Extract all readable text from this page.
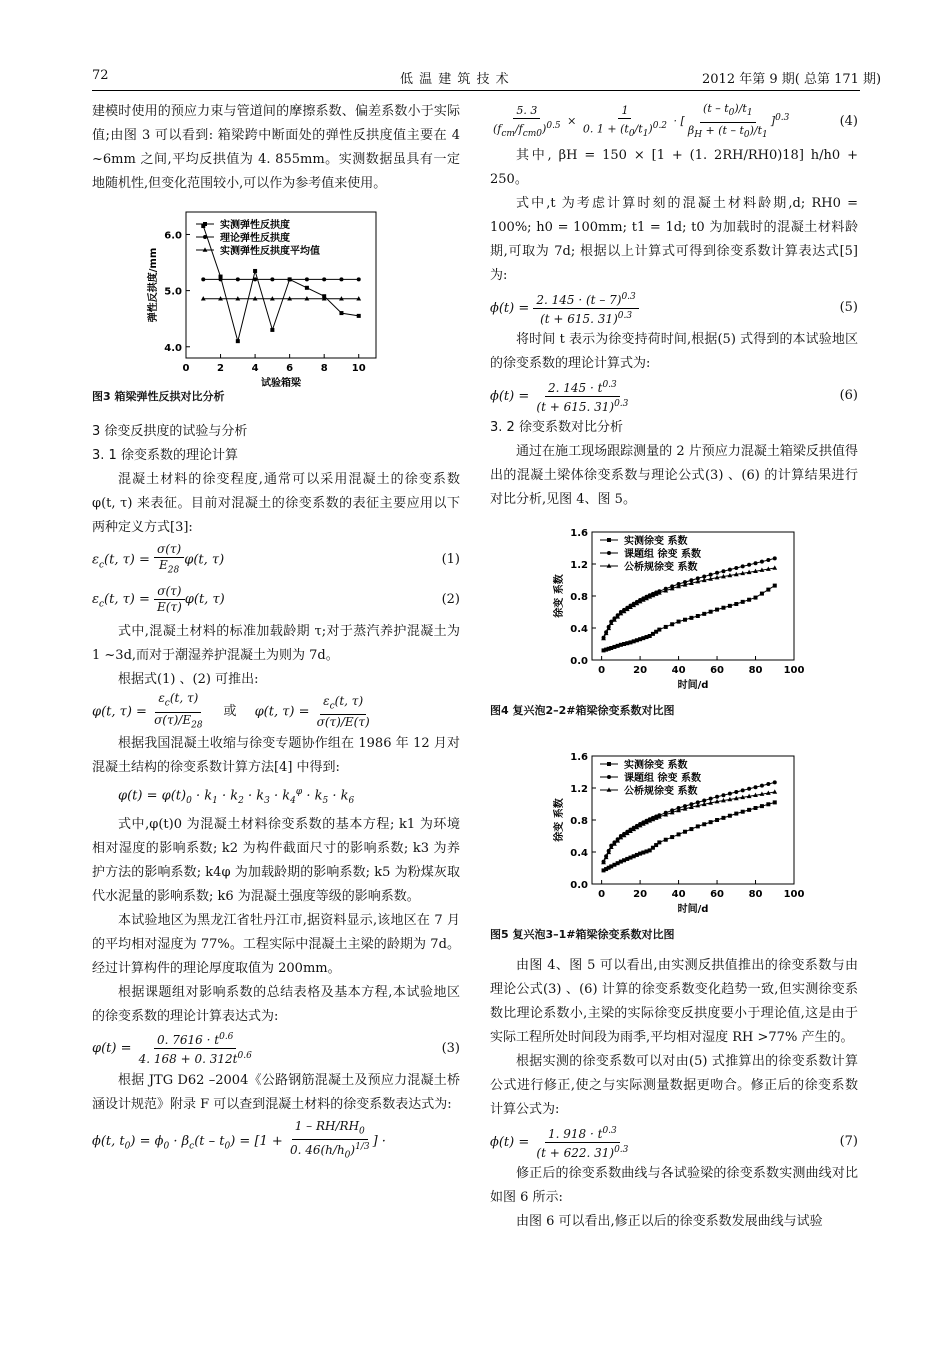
72	低 温 建 筑 技 术	2012 年第 9 期( 总第 171 期)

建模时使用的预应力束与管道间的摩擦系数、偏差系数小于实际值;由图 3 可以看到: 箱梁跨中断面处的弹性反拱度值主要在 4 ~6mm 之间,平均反拱值为 4. 855mm。实测数据虽具有一定地随机性,但变化范围较小,可以作为参考值来使用。

0	2	4	6	8 10
4.0
5.0
6.0
试验箱梁
弹性反拱度/mm
实测弹性反拱度
理论弹性反拱度
实测弹性反拱度平均值

图3 箱梁弹性反拱对比分析

3 徐变反拱度的试验与分析

3. 1 徐变系数的理论计算

混凝土材料的徐变程度,通常可以采用混凝土的徐变系数 φ(t, τ) 来表征。目前对混凝土的徐变系数的表征主要应用以下两种定义方式[3]:

$\varepsilon_c(t$, $\tau) = \frac{\sigma(\tau)}{E_{28}} \varphi(t$, τ)	(1)
$\varepsilon_c(t$, $\tau) = \frac{\sigma(\tau)}{E(\tau)} \varphi(t$, τ)	(2)

式中,混凝土材料的标准加载龄期 τ;对于蒸汽养护混凝土为 1 ~3d,而对于潮湿养护混凝土为则为 7d。

根据式(1) 、(2) 可推出:

φ(t, $\tau) = \frac{\varepsilon_c(t, \tau)}{\sigma(\tau)/E_{28}}$ 或 φ(t, $\tau) = \frac{\varepsilon_c(t, \tau)}{\sigma(\tau)/E(\tau)}$

根据我国混凝土收缩与徐变专题协作组在 1986 年 12 月对混凝土结构的徐变系数计算方法[4] 中得到:

$\varphi(t) = \varphi(t)_0 \cdot k_1 \cdot k_2 \cdot k_3 \cdot k_4^\varphi \cdot k_5 \cdot k_6$

式中,φ(t)0 为混凝土材料徐变系数的基本方程; k1 为环境相对湿度的影响系数; k2 为构件截面尺寸的影响系数; k3 为养护方法的影响系数; k4φ 为加载龄期的影响系数; k5 为粉煤灰取代水泥量的影响系数; k6 为混凝土强度等级的影响系数。

本试验地区为黑龙江省牡丹江市,据资料显示,该地区在 7 月的平均相对湿度为 77%。工程实际中混凝土主梁的龄期为 7d。经过计算构件的理论厚度取值为 200mm。

根据课题组对影响系数的总结表格及基本方程,本试验地区的徐变系数的理论计算表达式为:

$\varphi(t) = \frac{0. 7616 \cdot t^{0.6}}{4. 168 + 0. 312t^{0.6}}$	(3)

根据 JTG D62 –2004《公路钢筋混凝土及预应力混凝土桥涵设计规范》附录 F 可以查到混凝土材料的徐变系数表达式为:

ϕ(t, $t_0) = \phi_0 \cdot \beta_c(t - t_0) = [1 + \frac{1 - RH/RH_0}{0. 46(h/h_0)^{1/3}}$ ] ·
$\frac{5. 3}{(f_{cm}/f_{cm0})^{0.5}} \times \frac{1}{0. 1 + (t_0/t_1)^{0.2}}$ · [ $\frac{(t - t_0)/t_1}{\beta_H + (t - t_0)/t_1} ]^{0.3}$	(4)

其中, βH = 150 × [1 + (1. 2RH/RH0)18] h/h0 + 250。

式中,t 为考虑计算时刻的混凝土材料龄期,d; RH0 = 100%; h0 = 100mm; t1 = 1d; t0 为加载时的混凝土材料龄期,可取为 7d; 根据以上计算式可得到徐变系数计算表达式[5] 为:

$\phi(t) = \frac{2. 145 \cdot (t - 7)^{0.3}}{(t + 615. 31)^{0.3}}$	(5)

将时间 t 表示为徐变持荷时间,根据(5) 式得到的本试验地区的徐变系数的理论计算式为:

$\phi(t) = \frac{2. 145 \cdot t^{0.3}}{(t + 615. 31)^{0.3}}$	(6)

3. 2 徐变系数对比分析

通过在施工现场跟踪测量的 2 片预应力混凝土箱梁反拱值得出的混凝土梁体徐变系数与理论公式(3) 、(6) 的计算结果进行对比分析,见图 4、图 5。

0	20 40 60 80 100
0.0
0.4
0.8
1.2
1.6
时间/d
徐变 系数
实测徐变 系数
课题组 徐变 系数
公桥规徐变 系数

图4 复兴泡2–2#箱梁徐变系数对比图

0	20 40 60 80 100
0.0
0.4
0.8
1.2
1.6
时间/d
徐变 系数
实测徐变 系数
课题组 徐变 系数
公桥规徐变 系数

图5 复兴泡3–1#箱梁徐变系数对比图

由图 4、图 5 可以看出,由实测反拱值推出的徐变系数与由理论公式(3) 、(6) 计算的徐变系数变化趋势一致,但实测徐变系数比理论系数小,主梁的实际徐变反拱度要小于理论值,这是由于实际工程所处时间段为雨季,平均相对湿度 RH >77% 产生的。

根据实测的徐变系数可以对由(5) 式推算出的徐变系数计算公式进行修正,使之与实际测量数据更吻合。修正后的徐变系数计算公式为:

$\phi(t) = \frac{1. 918 \cdot t^{0.3}}{(t + 622. 31)^{0.3}}$	(7)

修正后的徐变系数曲线与各试验梁的徐变系数实测曲线对比如图 6 所示:

由图 6 可以看出,修正以后的徐变系数发展曲线与试验
